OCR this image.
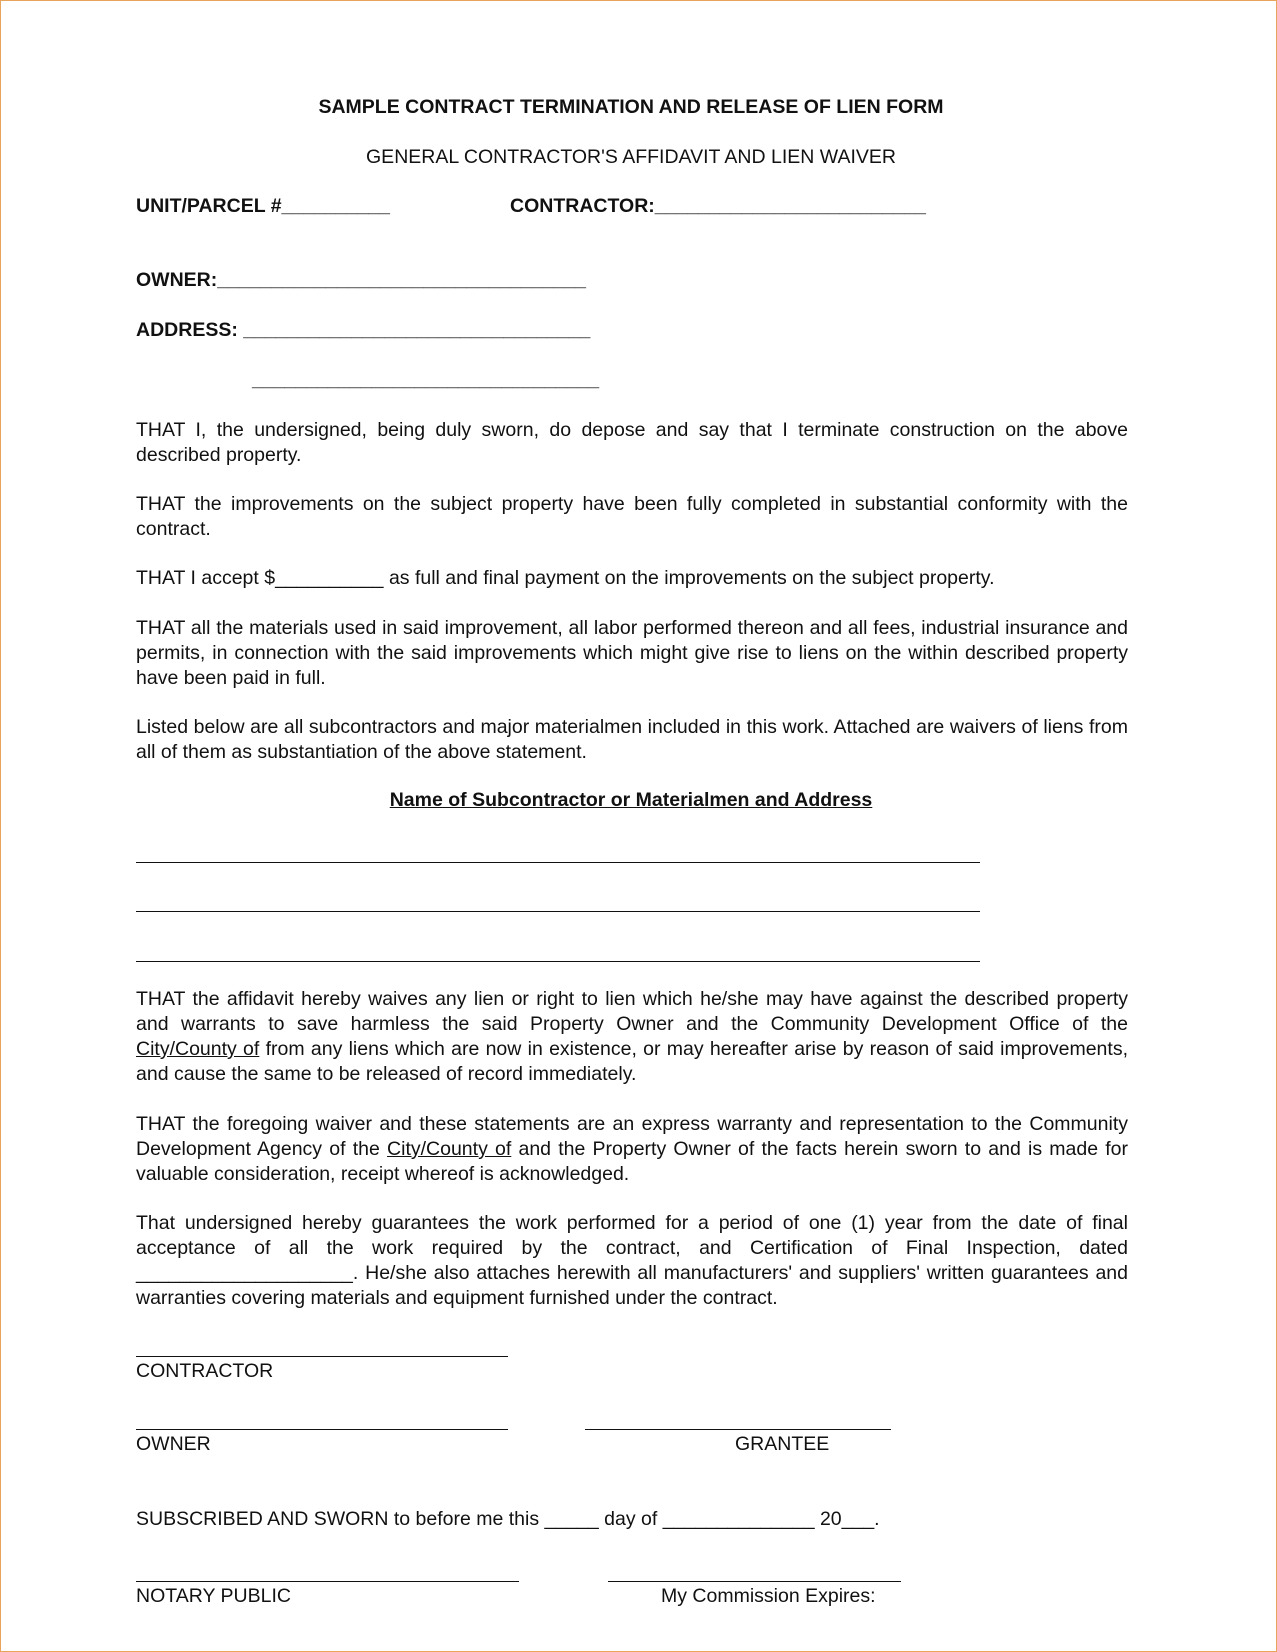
SAMPLE CONTRACT TERMINATION AND RELEASE OF LIEN FORM
GENERAL CONTRACTOR'S AFFIDAVIT AND LIEN WAIVER
UNIT/PARCEL #__________	CONTRACTOR:_________________________
OWNER:__________________________________
ADDRESS: ________________________________
________________________________
THAT I, the undersigned, being duly sworn, do depose and say that I terminate construction on the above described property.
THAT the improvements on the subject property have been fully completed in substantial conformity with the contract.
THAT I accept $__________ as full and final payment on the improvements on the subject property.
THAT all the materials used in said improvement, all labor performed thereon and all fees, industrial insurance and permits, in connection with the said improvements which might give rise to liens on the within described property have been paid in full.
Listed below are all subcontractors and major materialmen included in this work. Attached are waivers of liens from all of them as substantiation of the above statement.
Name of Subcontractor or Materialmen and Address
THAT the affidavit hereby waives any lien or right to lien which he/she may have against the described property and warrants to save harmless the said Property Owner and the Community Development Office of the City/County of from any liens which are now in existence, or may hereafter arise by reason of said improvements, and cause the same to be released of record immediately.
THAT the foregoing waiver and these statements are an express warranty and representation to the Community Development Agency of the City/County of and the Property Owner of the facts herein sworn to and is made for valuable consideration, receipt whereof is acknowledged.
That undersigned hereby guarantees the work performed for a period of one (1) year from the date of final acceptance of all the work required by the contract, and Certification of Final Inspection, dated ____________________. He/she also attaches herewith all manufacturers' and suppliers' written guarantees and warranties covering materials and equipment furnished under the contract.
CONTRACTOR
OWNER	GRANTEE
SUBSCRIBED AND SWORN to before me this _____ day of ______________ 20___.
NOTARY PUBLIC	My Commission Expires:
